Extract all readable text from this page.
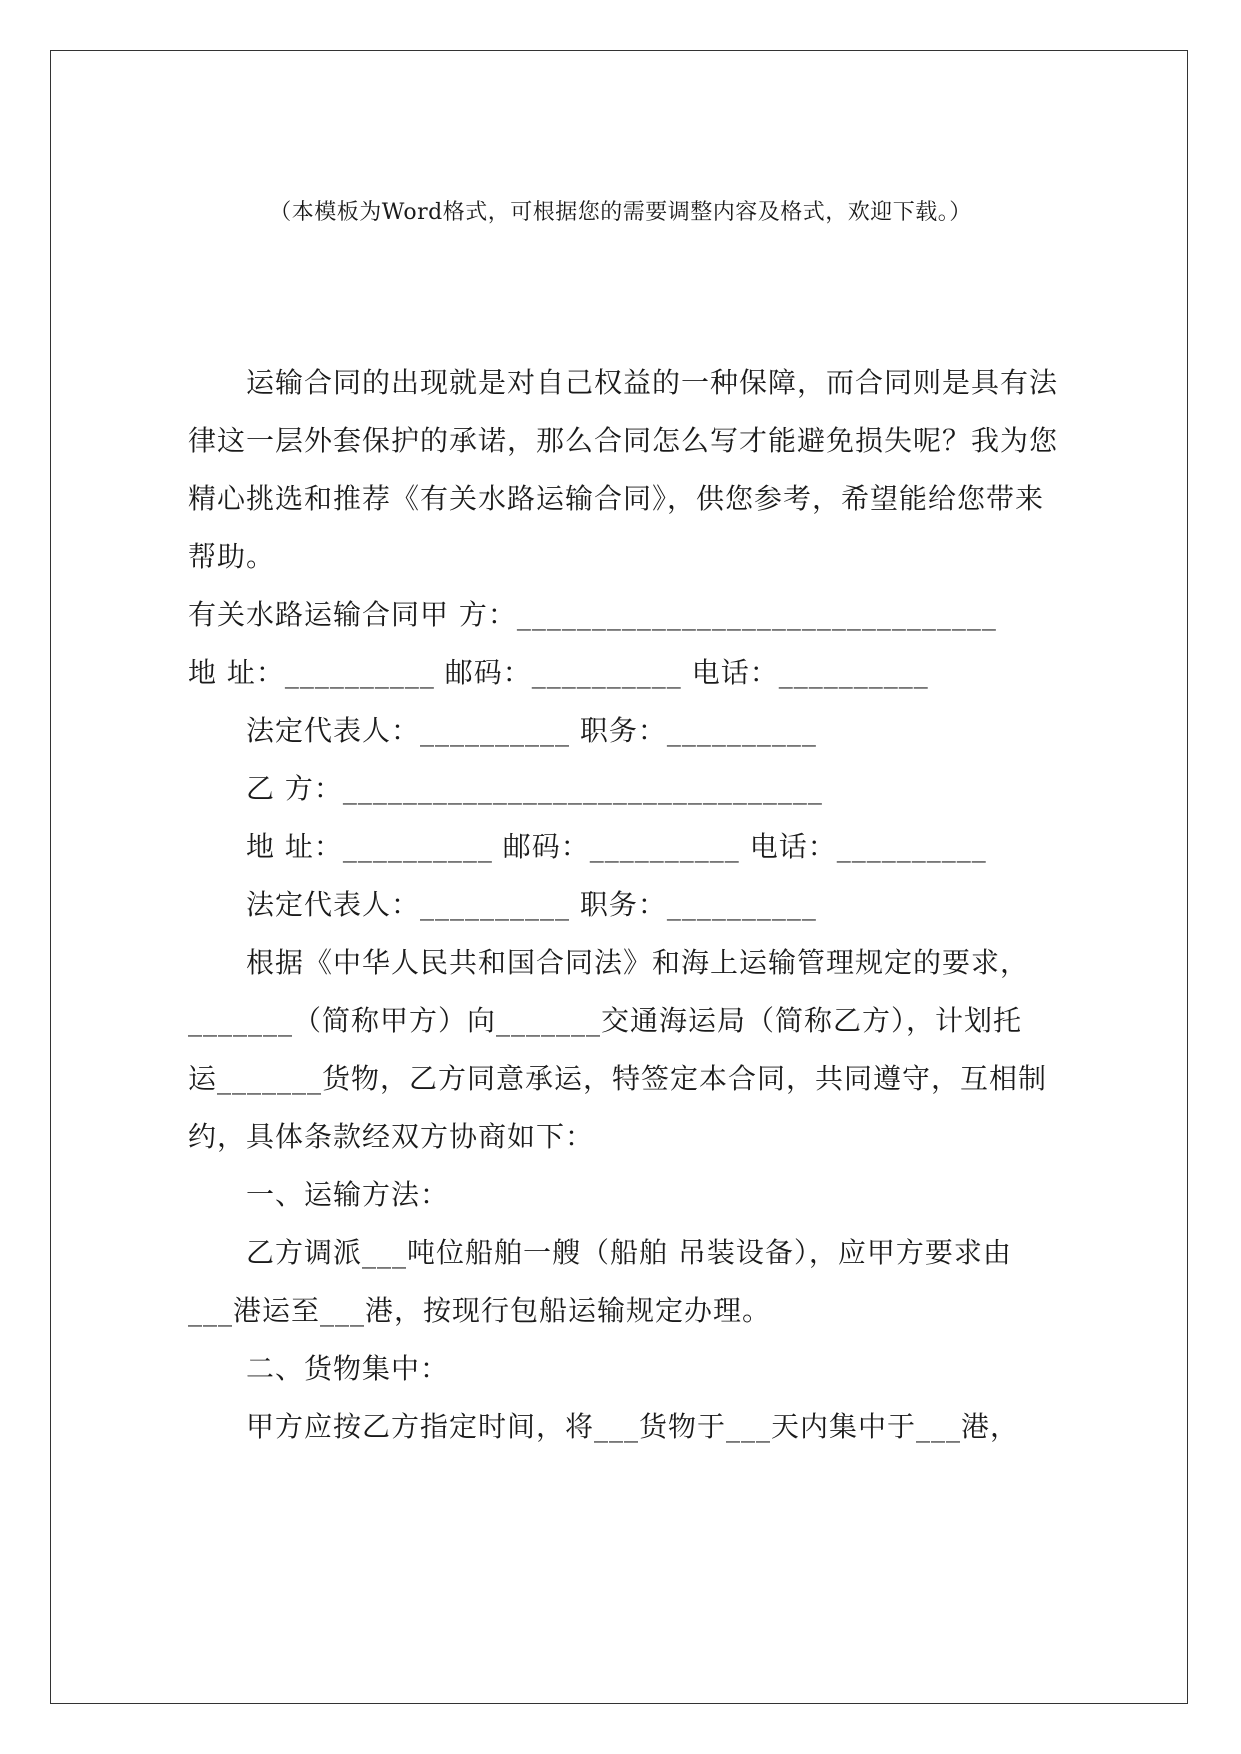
（本模板为Word格式，可根据您的需要调整内容及格式，欢迎下载。）
运输合同的出现就是对自己权益的一种保障，而合同则是具有法
律这一层外套保护的承诺，那么合同怎么写才能避免损失呢？我为您
精心挑选和推荐《有关水路运输合同》，供您参考，希望能给您带来
帮助。
有关水路运输合同甲 方：________________________________
地 址：__________ 邮码：__________ 电话：__________
法定代表人：__________ 职务：__________
乙 方：________________________________
地 址：__________ 邮码：__________ 电话：__________
法定代表人：__________ 职务：__________
根据《中华人民共和国合同法》和海上运输管理规定的要求，
_______（简称甲方）向_______交通海运局（简称乙方），计划托
运_______货物，乙方同意承运，特签定本合同，共同遵守，互相制
约，具体条款经双方协商如下：
一、运输方法：
乙方调派___吨位船舶一艘（船舶 吊装设备），应甲方要求由
___港运至___港，按现行包船运输规定办理。
二、货物集中：
甲方应按乙方指定时间，将___货物于___天内集中于___港，
